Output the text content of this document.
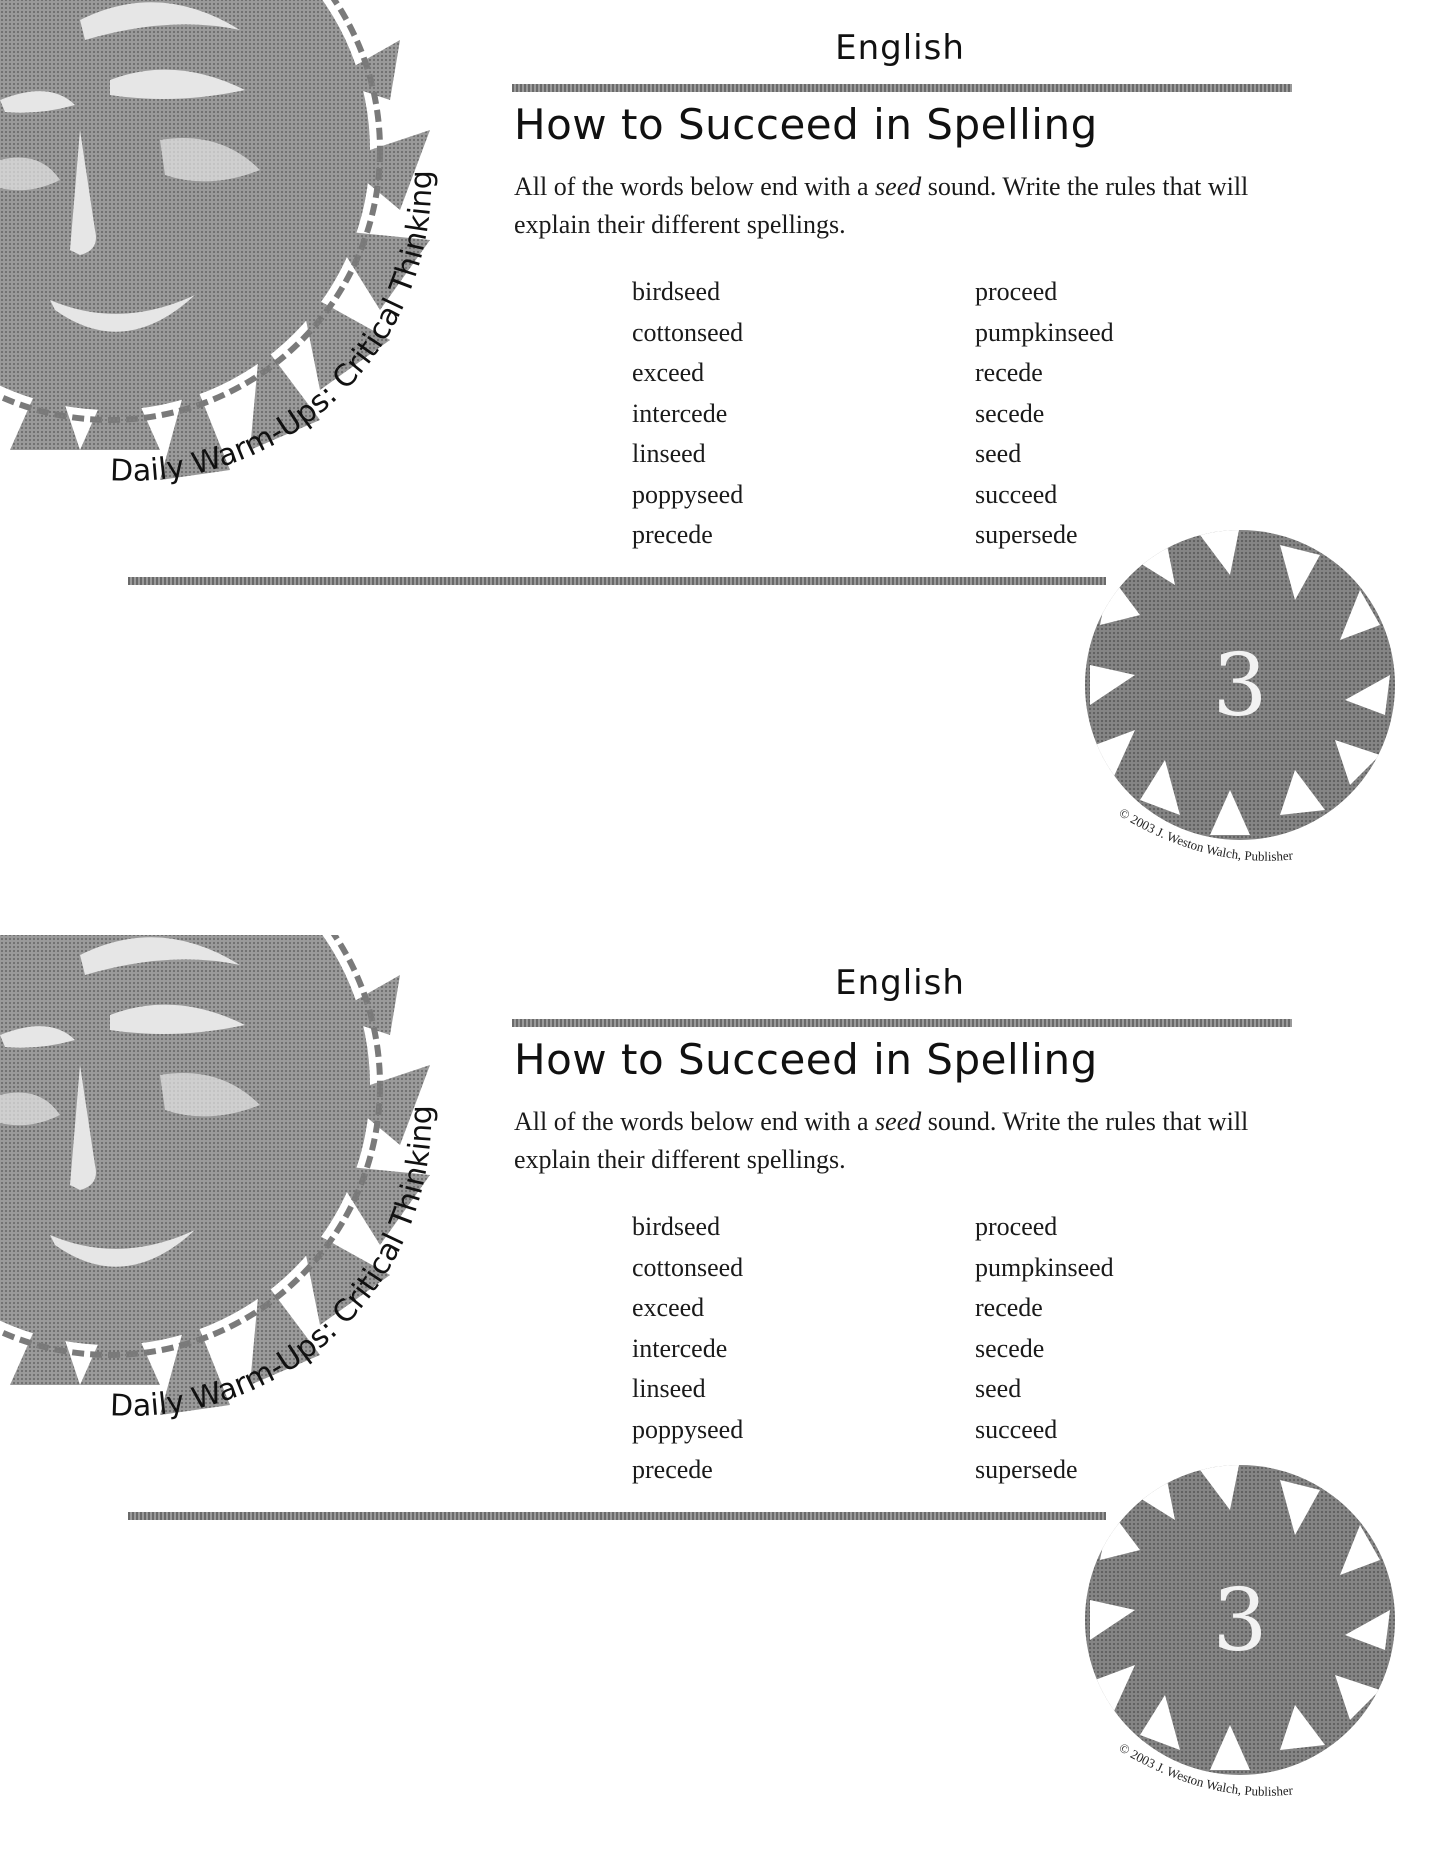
Daily Warm-Ups: Critical Thinking
English
How to Succeed in Spelling
All of the words below end with a seed sound. Write the rules that will explain their different spellings.
birdseed
cottonseed
exceed
intercede
linseed
poppyseed
precede
proceed
pumpkinseed
recede
secede
seed
succeed
supersede
3
© 2003 J. Weston Walch, Publisher
Daily Warm-Ups: Critical Thinking
English
How to Succeed in Spelling
All of the words below end with a seed sound. Write the rules that will explain their different spellings.
birdseed
cottonseed
exceed
intercede
linseed
poppyseed
precede
proceed
pumpkinseed
recede
secede
seed
succeed
supersede
3
© 2003 J. Weston Walch, Publisher
